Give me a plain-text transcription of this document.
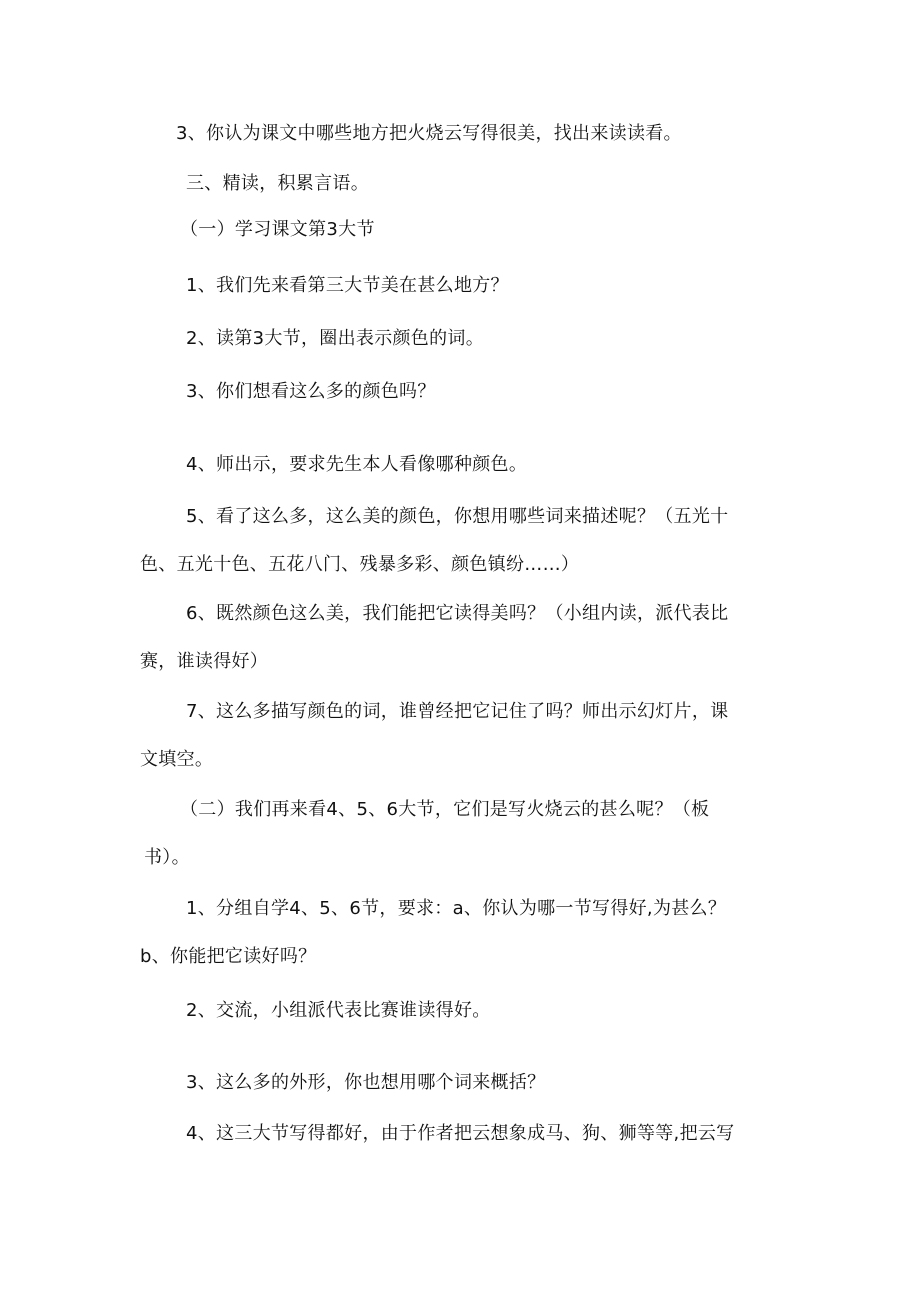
3、你认为课文中哪些地方把火烧云写得很美，找出来读读看。
三、精读，积累言语。
（一）学习课文第3大节
1、我们先来看第三大节美在甚么地方？
2、读第3大节，圈出表示颜色的词。
3、你们想看这么多的颜色吗？
4、师出示，要求先生本人看像哪种颜色。
5、看了这么多，这么美的颜色，你想用哪些词来描述呢？（五光十
色、五光十色、五花八门、残暴多彩、颜色镇纷……）
6、既然颜色这么美，我们能把它读得美吗？（小组内读，派代表比
赛，谁读得好）
7、这么多描写颜色的词，谁曾经把它记住了吗？师出示幻灯片，课
文填空。
（二）我们再来看4、5、6大节，它们是写火烧云的甚么呢？（板
书）。
1、分组自学4、5、6节，要求：a、你认为哪一节写得好,为甚么？
b、你能把它读好吗？
2、交流，小组派代表比赛谁读得好。
3、这么多的外形，你也想用哪个词来概括？
4、这三大节写得都好，由于作者把云想象成马、狗、狮等等,把云写
